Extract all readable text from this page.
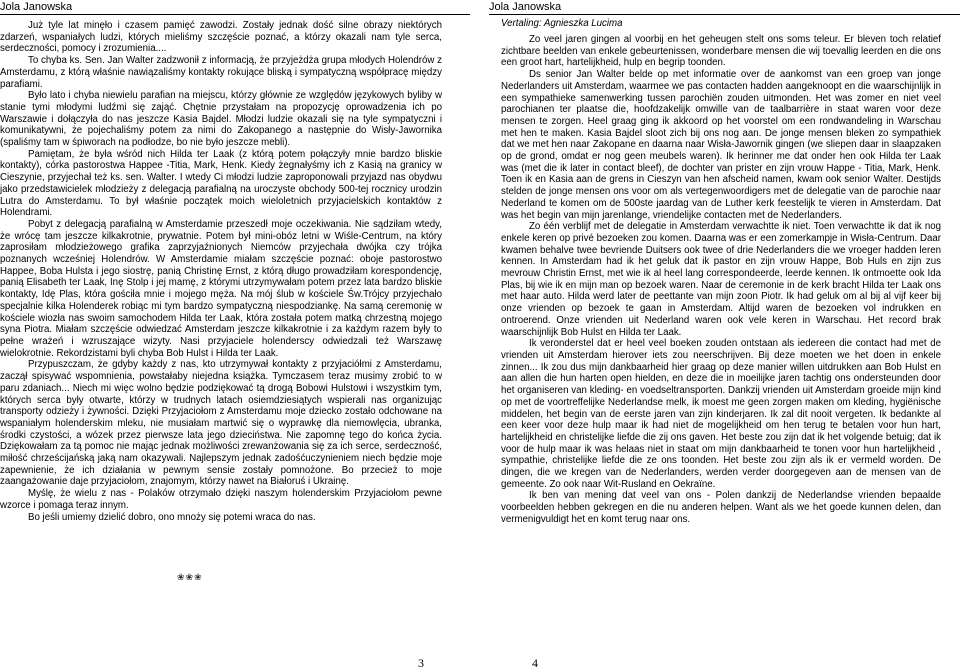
Jola Janowska

Już tyle lat minęło i czasem pamięć zawodzi. Zostały jednak dość silne obrazy niektórych zdarzeń, wspaniałych ludzi, których mieliśmy szczęście poznać, a którzy okazali nam tyle serca, serdeczności, pomocy i zrozumienia....

To chyba ks. Sen. Jan Walter zadzwonił z informacją, że przyjeżdża grupa młodych Holendrów z Amsterdamu, z którą właśnie nawiązaliśmy kontakty rokujące bliską i sympatyczną współpracę między parafiami.

Było lato i chyba niewielu parafian na miejscu, którzy głównie ze względów językowych byliby w stanie tymi młodymi ludźmi się zająć. Chętnie przystałam na propozycję oprowadzenia ich po Warszawie i dołączyła do nas jeszcze Kasia Bajdel. Młodzi ludzie okazali się na tyle sympatyczni i komunikatywni, że pojechaliśmy potem za nimi do Zakopanego a następnie do Wisły-Jawornika (spaliśmy tam w śpiworach na podłodze, bo nie było jeszcze mebli).

Pamiętam, że była wśród nich Hilda ter Laak (z którą potem połączyły mnie bardzo bliskie kontakty), córka pastorostwa Happee -Titia, Mark, Henk. Kiedy żegnałyśmy ich z Kasią na granicy w Cieszynie, przyjechał też ks. sen. Walter. I wtedy Ci młodzi ludzie zaproponowali przyjazd nas obydwu jako przedstawicielek młodzieży z delegacją parafialną na uroczyste obchody 500-tej rocznicy urodzin Lutra do Amsterdamu. To był właśnie początek moich wieloletnich przyjacielskich kontaktów z Holendrami.

Pobyt z delegacją parafialną w Amsterdamie przeszedł moje oczekiwania. Nie sądziłam wtedy, że wrócę tam jeszcze kilkakrotnie, prywatnie. Potem był mini-obóz letni w Wiśle-Centrum, na który zaprosiłam młodzieżowego grafika zaprzyjaźnionych Niemców przyjechała dwójka czy trójka poznanych wcześniej Holendrów. W Amsterdamie miałam szczęście poznać: oboje pastorostwo Happee, Boba Hulsta i jego siostrę, panią Christinę Ernst, z którą długo prowadziłam korespondencję, panią Elisabeth ter Laak, Inę Stolp i jej mamę, z którymi utrzymywałam potem przez lata bardzo bliskie kontakty, Idę Plas, która gościła mnie i mojego męża. Na mój ślub w kościele Św.Trójcy przyjechało specjalnie kilka Holenderek robiąc mi tym bardzo sympatyczną niespodziankę. Na samą ceremonię w kościele wiozła nas swoim samochodem Hilda ter Laak, która została potem matką chrzestną mojego syna Piotra. Miałam szczęście odwiedzać Amsterdam jeszcze kilkakrotnie i za każdym razem były to pełne wrażeń i wzruszające wizyty. Nasi przyjaciele holenderscy odwiedzali też Warszawę wielokrotnie. Rekordzistami byli chyba Bob Hulst i Hilda ter Laak.

Przypuszczam, że gdyby każdy z nas, kto utrzymywał kontakty z przyjaciółmi z Amsterdamu, zaczął spisywać wspomnienia, powstałaby niejedna książka. Tymczasem teraz musimy zrobić to w paru zdaniach... Niech mi więc wolno będzie podziękować tą drogą Bobowi Hulstowi i wszystkim tym, których serca były otwarte, którzy w trudnych latach osiemdziesiątych wspierali nas organizując transporty odzieży i żywności. Dzięki Przyjaciołom z Amsterdamu moje dziecko zostało odchowane na wspaniałym holenderskim mleku, nie musiałam martwić się o wyprawkę dla niemowlęcia, ubranka, środki czystości, a wózek przez pierwsze lata jego dzieciństwa. Nie zapomnę tego do końca życia. Dziękowałam za tą pomoc nie mając jednak możliwości zrewanżowania się za ich serce, serdeczność, miłość chrześcijańską jaką nam okazywali. Najlepszym jednak zadośćuczynieniem niech będzie moje zapewnienie, że ich działania w pewnym sensie zostały pomnożone. Bo przecież to moje zaangażowanie daje przyjaciołom, znajomym, którzy nawet na Białoruś i Ukrainę.

Myślę, że wielu z nas - Polaków otrzymało dzięki naszym holenderskim Przyjaciołom pewne wzorce i pomaga teraz innym.

Bo jeśli umiemy dzielić dobro, ono mnoży się potemi wraca do nas.

❀❀❀
3
Jola Janowska
Vertaling: Agnieszka Lucima

Zo veel jaren gingen al voorbij en het geheugen stelt ons soms teleur. Er bleven toch relatief zichtbare beelden van enkele gebeurtenissen, wonderbare mensen die wij toevallig leerden en die ons een groot hart, hartelijkheid, hulp en begrip toonden.

Ds senior Jan Walter belde op met informatie over de aankomst van een groep van jonge Nederlanders uit Amsterdam, waarmee we pas contacten hadden aangeknoopt en die waarschijnlijk in een sympathieke samenwerking tussen parochiën zouden uitmonden. Het was zomer en niet veel parochianen ter plaatse die, hoofdzakelijk omwille van de taalbarrière in staat waren voor deze mensen te zorgen. Heel graag ging ik akkoord op het voorstel om een rondwandeling in Warschau met hen te maken. Kasia Bajdel sloot zich bij ons nog aan. De jonge mensen bleken zo sympathiek dat we met hen naar Zakopane en daarna naar Wisła-Jawornik gingen (we sliepen daar in slaapzaken op de grond, omdat er nog geen meubels waren). Ik herinner me dat onder hen ook Hilda ter Laak was (met die ik later in contact bleef), de dochter van prister en zijn vrouw Happe - Titia, Mark, Henk. Toen ik en Kasia aan de grens in Cieszyn van hen afscheid namen, kwam ook senior Walter. Destijds stelden de jonge mensen ons voor om als vertegenwoordigers met de delegatie van de parochie naar Nederland te komen om de 500ste jaardag van de Luther kerk feestelijk te vieren in Amsterdam. Dat was het begin van mijn jarenlange, vriendelijke contacten met de Nederlanders.

Zo één verblijf met de delegatie in Amsterdam verwachtte ik niet. Toen verwachtte ik dat ik nog enkele keren op privé bezoeken zou komen. Daarna was er een zomerkampje in Wisła-Centrum. Daar kwamen behalve twee bevriende Duitsers ook twee of drie Nederlanders die we vroeger hadden leren kennen. In Amsterdam had ik het geluk dat ik pastor en zijn vrouw Happe, Bob Huls en zijn zus mevrouw Christin Ernst, met wie ik al heel lang correspondeerde, leerde kennen. Ik ontmoette ook Ida Plas, bij wie ik en mijn man op bezoek waren. Naar de ceremonie in de kerk bracht Hilda ter Laak ons met haar auto. Hilda werd later de peettante van mijn zoon Piotr. Ik had geluk om al bij al vijf keer bij onze vrienden op bezoek te gaan in Amsterdam. Altijd waren de bezoeken vol indrukken en ontroerend. Onze vrienden uit Nederland waren ook vele keren in Warschau. Het record brak waarschijnlijk Bob Hulst en Hilda ter Laak.

Ik veronderstel dat er heel veel boeken zouden ontstaan als iedereen die contact had met de vrienden uit Amsterdam hierover iets zou neerschrijven. Bij deze moeten we het doen in enkele zinnen... Ik zou dus mijn dankbaarheid hier graag op deze manier willen uitdrukken aan Bob Hulst en aan allen die hun harten open hielden, en deze die in moeilijke jaren tachtig ons ondersteunden door het organiseren van kleding- en voedseltransporten. Dankzij vrienden uit Amsterdam groeide mijn kind op met de voortreffelijke Nederlandse melk, ik moest me geen zorgen maken om kleding, hygiënische middelen, het begin van de eerste jaren van zijn kinderjaren. Ik zal dit nooit vergeten. Ik bedankte al een keer voor deze hulp maar ik had niet de mogelijkheid om hen terug te betalen voor hun hart, hartelijkheid en christelijke liefde die zij ons gaven. Het beste zou zijn dat ik het volgende betuig; dat ik voor de hulp maar ik was helaas niet in staat om mijn dankbaarheid te tonen voor hun hartelijkheid , sympathie, christelijke liefde die ze ons toonden. Het beste zou zijn als ik er vermeld worden. De dingen, die we kregen van de Nederlanders, werden verder doorgegeven aan de mensen van de gemeente. Zo ook naar Wit-Rusland en Oekraïne.

Ik ben van mening dat veel van ons - Polen dankzij de Nederlandse vrienden bepaalde voorbeelden hebben gekregen en die nu anderen helpen. Want als we het goede kunnen delen, dan vermenigvuldigt het en komt terug naar ons.

4
